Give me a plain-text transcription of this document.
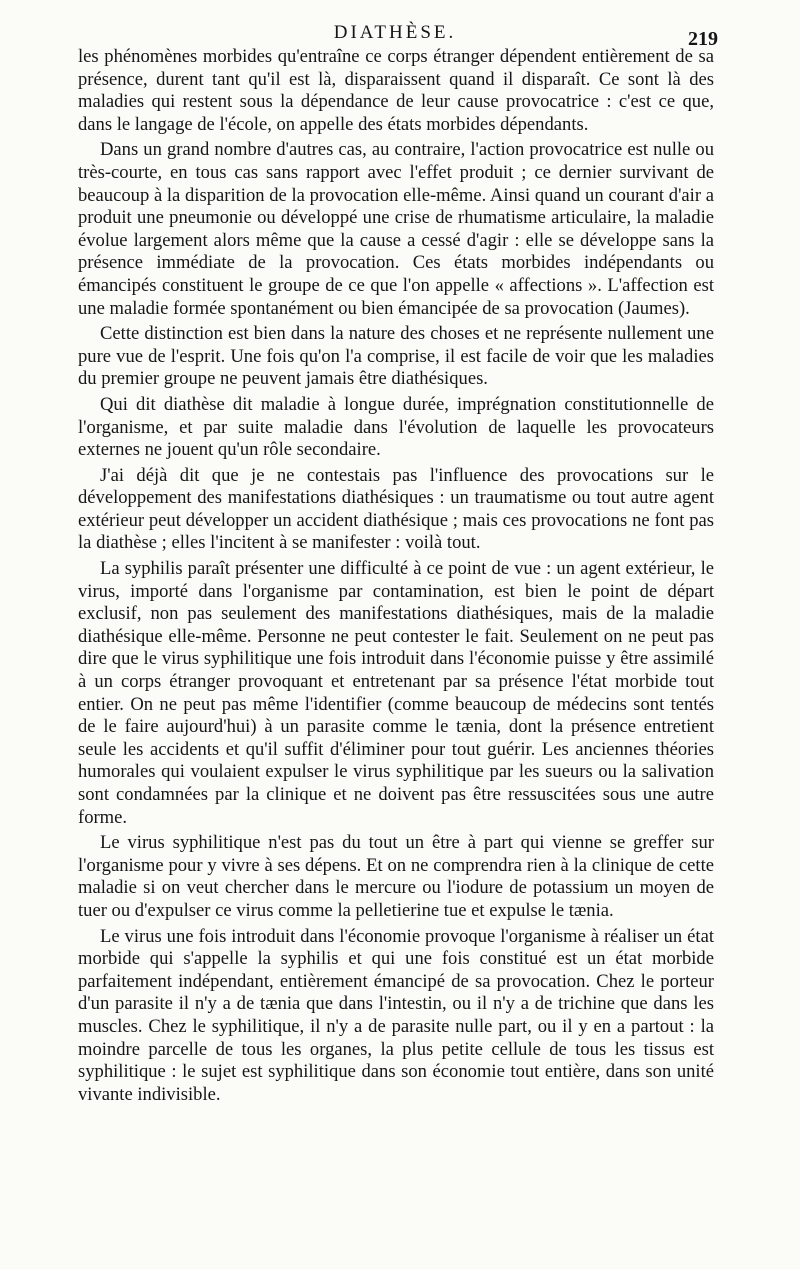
DIATHÈSE.	219

les phénomènes morbides qu'entraîne ce corps étranger dépendent entièrement de sa présence, durent tant qu'il est là, disparaissent quand il disparaît. Ce sont là des maladies qui restent sous la dépendance de leur cause provocatrice : c'est ce que, dans le langage de l'école, on appelle des états morbides dépendants.

Dans un grand nombre d'autres cas, au contraire, l'action provocatrice est nulle ou très-courte, en tous cas sans rapport avec l'effet produit ; ce dernier survivant de beaucoup à la disparition de la provocation elle-même. Ainsi quand un courant d'air a produit une pneumonie ou développé une crise de rhumatisme articulaire, la maladie évolue largement alors même que la cause a cessé d'agir : elle se développe sans la présence immédiate de la provocation. Ces états morbides indépendants ou émancipés constituent le groupe de ce que l'on appelle « affections ». L'affection est une maladie formée spontanément ou bien émancipée de sa provocation (Jaumes).

Cette distinction est bien dans la nature des choses et ne représente nullement une pure vue de l'esprit. Une fois qu'on l'a comprise, il est facile de voir que les maladies du premier groupe ne peuvent jamais être diathésiques.

Qui dit diathèse dit maladie à longue durée, imprégnation constitutionnelle de l'organisme, et par suite maladie dans l'évolution de laquelle les provocateurs externes ne jouent qu'un rôle secondaire.

J'ai déjà dit que je ne contestais pas l'influence des provocations sur le développement des manifestations diathésiques : un traumatisme ou tout autre agent extérieur peut développer un accident diathésique ; mais ces provocations ne font pas la diathèse ; elles l'incitent à se manifester : voilà tout.

La syphilis paraît présenter une difficulté à ce point de vue : un agent extérieur, le virus, importé dans l'organisme par contamination, est bien le point de départ exclusif, non pas seulement des manifestations diathésiques, mais de la maladie diathésique elle-même. Personne ne peut contester le fait. Seulement on ne peut pas dire que le virus syphilitique une fois introduit dans l'économie puisse y être assimilé à un corps étranger provoquant et entretenant par sa présence l'état morbide tout entier. On ne peut pas même l'identifier (comme beaucoup de médecins sont tentés de le faire aujourd'hui) à un parasite comme le tænia, dont la présence entretient seule les accidents et qu'il suffit d'éliminer pour tout guérir. Les anciennes théories humorales qui voulaient expulser le virus syphilitique par les sueurs ou la salivation sont condamnées par la clinique et ne doivent pas être ressuscitées sous une autre forme.

Le virus syphilitique n'est pas du tout un être à part qui vienne se greffer sur l'organisme pour y vivre à ses dépens. Et on ne comprendra rien à la clinique de cette maladie si on veut chercher dans le mercure ou l'iodure de potassium un moyen de tuer ou d'expulser ce virus comme la pelletierine tue et expulse le tænia.

Le virus une fois introduit dans l'économie provoque l'organisme à réaliser un état morbide qui s'appelle la syphilis et qui une fois constitué est un état morbide parfaitement indépendant, entièrement émancipé de sa provocation. Chez le porteur d'un parasite il n'y a de tænia que dans l'intestin, ou il n'y a de trichine que dans les muscles. Chez le syphilitique, il n'y a de parasite nulle part, ou il y en a partout : la moindre parcelle de tous les organes, la plus petite cellule de tous les tissus est syphilitique : le sujet est syphilitique dans son économie tout entière, dans son unité vivante indivisible.
